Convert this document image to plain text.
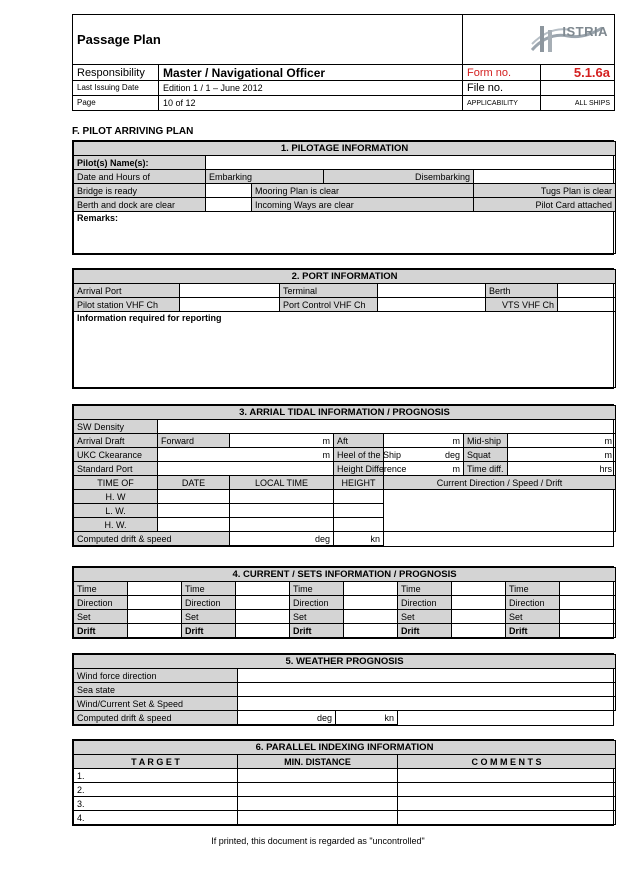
Passage Plan		ISTRIA	

Responsibility	Master / Navigational Officer	Form no.	5.1.6a
Last Issuing Date	Edition 1 / 1 – June 2012	File no.	
Page	10 of 12	APPLICABILITY	ALL SHIPS
F. PILOT ARRIVING PLAN
1. PILOTAGE INFORMATION				
Pilot(s) Name(s):				
Date and Hours of	Embarking		Disembarking	
Bridge is ready		Mooring Plan is clear		Tugs Plan is clear
Berth and dock are clear		Incoming Ways are clear		Pilot Card attached
Remarks:				
2. PORT INFORMATION					
Arrival Port		Terminal		Berth	
Pilot station VHF Ch		Port Control VHF Ch		VTS VHF Ch	
Information required for reporting					
3. ARRIAL TIDAL INFORMATION / PROGNOSIS						
SW Density						
Arrival Draft	Forward	m	Aft	m	Mid-ship	m
UKC Ckearance	m		Heel of the Ship	deg	Squat	m
Standard Port			Height Difference	m	Time diff.	hrs
TIME OF	DATE	LOCAL TIME	HEIGHT	Current Direction / Speed / Drift		
H. W						
L. W.						
H. W.						
Computed drift & speed		deg	kn			
4. CURRENT / SETS INFORMATION / PROGNOSIS									
Time		Time		Time		Time		Time	
Direction		Direction		Direction		Direction		Direction	
Set		Set		Set		Set		Set	
Drift		Drift		Drift		Drift		Drift	
5. WEATHER PROGNOSIS			
Wind force direction			
Sea state			
Wind/Current Set & Speed			
Computed drift & speed	deg	kn	
6. PARALLEL INDEXING INFORMATION		
T A R G E T	MIN. DISTANCE	C O M M E N T S
1.		
2.		
3.		
4.		
If printed, this document is regarded as "uncontrolled"
